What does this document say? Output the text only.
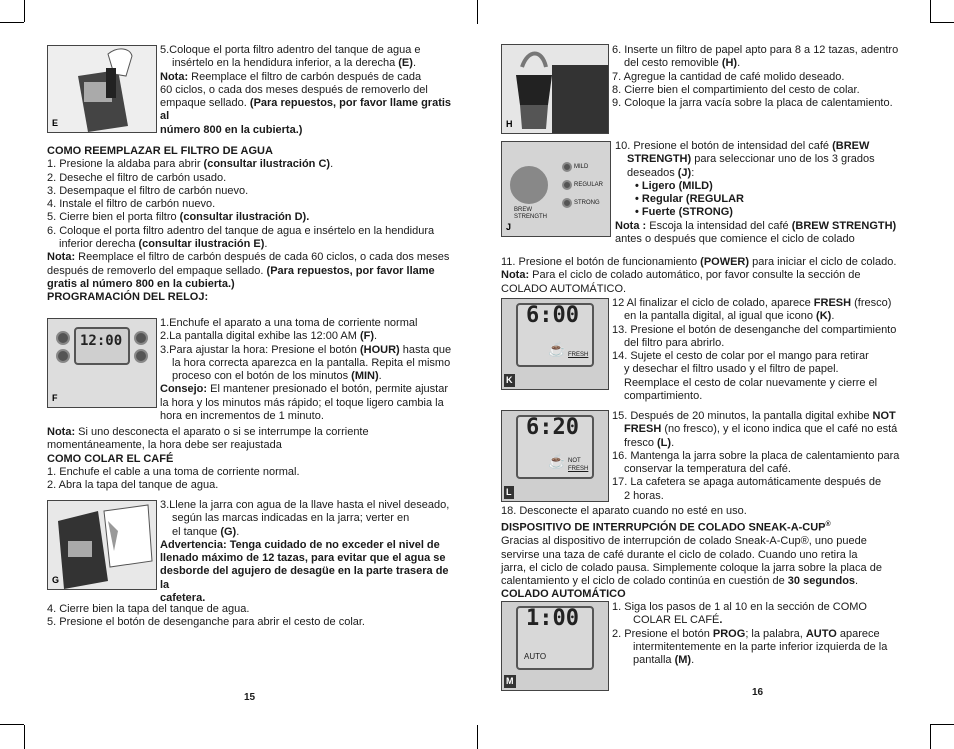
E

5.Coloque el porta filtro adentro del tanque de agua e

insértelo en la hendidura inferior, a la derecha (E).

Nota: Reemplace el filtro de carbón después de cada

60 ciclos, o cada dos meses después de removerlo del

empaque sellado. (Para repuestos, por favor llame gratis al

número 800 en la cubierta.)

COMO REEMPLAZAR EL FILTRO DE AGUA

1. Presione la aldaba para abrir (consultar ilustración C).

2. Deseche el filtro de carbón usado.

3. Desempaque el filtro de carbón nuevo.

4. Instale el filtro de carbón nuevo.

5. Cierre bien el porta filtro (consultar ilustración D).

6. Coloque el porta filtro adentro del tanque de agua e insértelo en la hendidura

inferior derecha (consultar ilustración E).

Nota: Reemplace el filtro de carbón después de cada 60 ciclos, o cada dos meses

después de removerlo del empaque sellado. (Para repuestos, por favor llame

gratis al número 800 en la cubierta.)

PROGRAMACIÓN DEL RELOJ:

12:00
F

1.Enchufe el aparato a una toma de corriente normal

2.La pantalla digital exhibe las 12:00 AM (F).

3.Para ajustar la hora: Presione el botón (HOUR) hasta que

la hora correcta aparezca en la pantalla. Repita el mismo

proceso con el botón de los minutos (MIN).

Consejo: El mantener presionado el botón, permite ajustar

la hora y los minutos más rápido; el toque ligero cambia la

hora en incrementos de 1 minuto.

Nota: Si uno desconecta el aparato o si se interrumpe la corriente

momentáneamente, la hora debe ser reajustada

COMO COLAR EL CAFÉ

1. Enchufe el cable a una toma de corriente normal.

2. Abra la tapa del tanque de agua.

G

3.Llene la jarra con agua de la llave hasta el nivel deseado,

según las marcas indicadas en la jarra; verter en

el tanque (G).

Advertencia: Tenga cuidado de no exceder el nivel de

llenado máximo de 12 tazas, para evitar que el agua se

desborde del agujero de desagüe en la parte trasera de la

cafetera.

4. Cierre bien la tapa del tanque de agua.

5. Presione el botón de desenganche para abrir el cesto de colar.

15
H

6. Inserte un filtro de papel apto para 8 a 12 tazas, adentro

del cesto removible (H).

7. Agregue la cantidad de café molido deseado.

8. Cierre bien el compartimiento del cesto de colar.

9. Coloque la jarra vacía sobre la placa de calentamiento.

BREW
STRENGTH
MILD
REGULAR
STRONG
J

10. Presione el botón de intensidad del café (BREW

STRENGTH) para seleccionar uno de los 3 grados

deseados (J):

• Ligero (MILD)

• Regular (REGULAR

• Fuerte (STRONG)

Nota : Escoja la intensidad del café (BREW STRENGTH)

antes o después que comience el ciclo de colado

11. Presione el botón de funcionamiento (POWER) para iniciar el ciclo de colado.

Nota: Para el ciclo de colado automático, por favor consulte la sección de

COLADO AUTOMÁTICO.

6:00
☕ FRESH
K

12 Al finalizar el ciclo de colado, aparece FRESH (fresco)

en la pantalla digital, al igual que icono (K).

13. Presione el botón de desenganche del compartimiento

del filtro para abrirlo.

14. Sujete el cesto de colar por el mango para retirar

y desechar el filtro usado y el filtro de papel.

Reemplace el cesto de colar nuevamente y cierre el

compartimiento.

6:20
☕ NOT
FRESH
L

15. Después de 20 minutos, la pantalla digital exhibe NOT

FRESH (no fresco), y el icono indica que el café no está

fresco (L).

16. Mantenga la jarra sobre la placa de calentamiento para

conservar la temperatura del café.

17. La cafetera se apaga automáticamente después de

2 horas.

18. Desconecte el aparato cuando no esté en uso.

DISPOSITIVO DE INTERRUPCIÓN DE COLADO SNEAK-A-CUP®

Gracias al dispositivo de interrupción de colado Sneak-A-Cup®, uno puede

servirse una taza de café durante el ciclo de colado. Cuando uno retira la

jarra, el ciclo de colado pausa. Simplemente coloque la jarra sobre la placa de

calentamiento y el ciclo de colado continúa en cuestión de 30 segundos.

COLADO AUTOMÁTICO

1:00
AUTO
M

1. Siga los pasos de 1 al 10 en la sección de COMO

COLAR EL CAFÉ.

2. Presione el botón PROG; la palabra, AUTO aparece

intermitentemente en la parte inferior izquierda de la

pantalla (M).

16
